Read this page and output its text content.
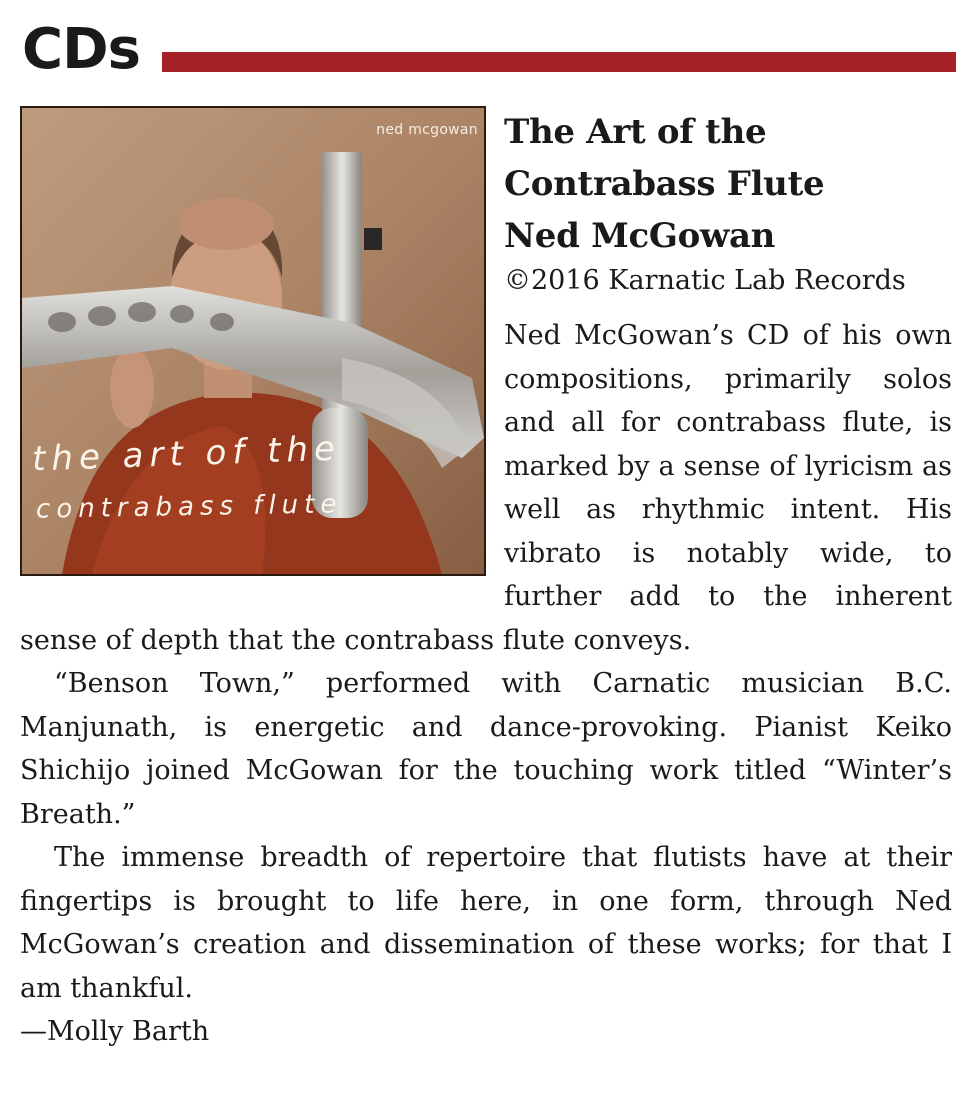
CDs
ned mcgowan
the art of the
contrabass flute
The Art of the
Contrabass Flute
Ned McGowan

©2016 Karnatic Lab Records

Ned McGowan’s CD of his own compositions, primarily solos and all for contrabass flute, is marked by a sense of lyricism as well as rhythmic intent. His vibrato is notably wide, to further add to the inherent sense of depth that the contrabass flute conveys.

“Benson Town,” performed with Carnatic musician B.C. Manjunath, is energetic and dance-provoking. Pianist Keiko Shichijo joined McGowan for the touching work titled “Winter’s Breath.”

The immense breadth of repertoire that flutists have at their fingertips is brought to life here, in one form, through Ned McGowan’s creation and dissemination of these works; for that I am thankful.

—Molly Barth
